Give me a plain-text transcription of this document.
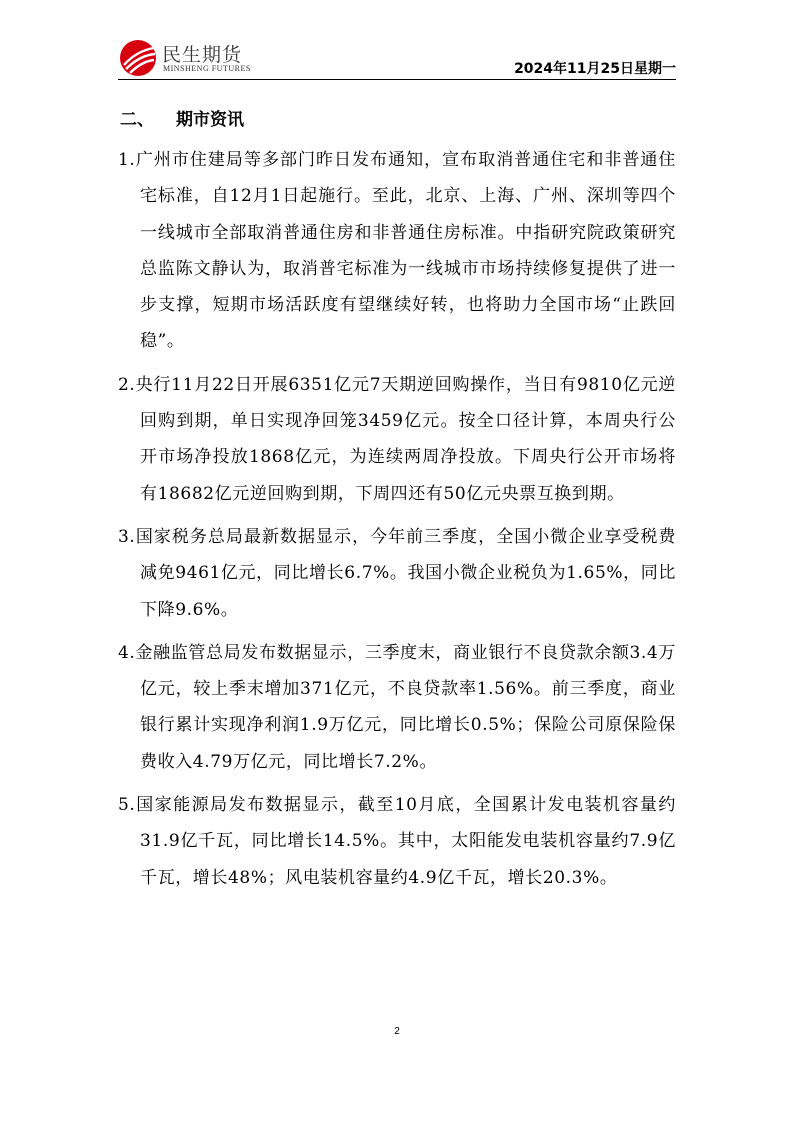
民生期货
MINSHENG FUTURES	2024年11月25日星期一
二、 期市资讯

1.广州市住建局等多部门昨日发布通知，宣布取消普通住宅和非普通住宅标准，自12月1日起施行。至此，北京、上海、广州、深圳等四个一线城市全部取消普通住房和非普通住房标准。中指研究院政策研究总监陈文静认为，取消普宅标准为一线城市市场持续修复提供了进一步支撑，短期市场活跃度有望继续好转，也将助力全国市场“止跌回稳”。

2.央行11月22日开展6351亿元7天期逆回购操作，当日有9810亿元逆回购到期，单日实现净回笼3459亿元。按全口径计算，本周央行公开市场净投放1868亿元，为连续两周净投放。下周央行公开市场将有18682亿元逆回购到期，下周四还有50亿元央票互换到期。

3.国家税务总局最新数据显示，今年前三季度，全国小微企业享受税费减免9461亿元，同比增长6.7%。我国小微企业税负为1.65%，同比下降9.6%。

4.金融监管总局发布数据显示，三季度末，商业银行不良贷款余额3.4万亿元，较上季末增加371亿元，不良贷款率1.56%。前三季度，商业银行累计实现净利润1.9万亿元，同比增长0.5%；保险公司原保险保费收入4.79万亿元，同比增长7.2%。

5.国家能源局发布数据显示，截至10月底，全国累计发电装机容量约31.9亿千瓦，同比增长14.5%。其中，太阳能发电装机容量约7.9亿千瓦，增长48%；风电装机容量约4.9亿千瓦，增长20.3%。

2
